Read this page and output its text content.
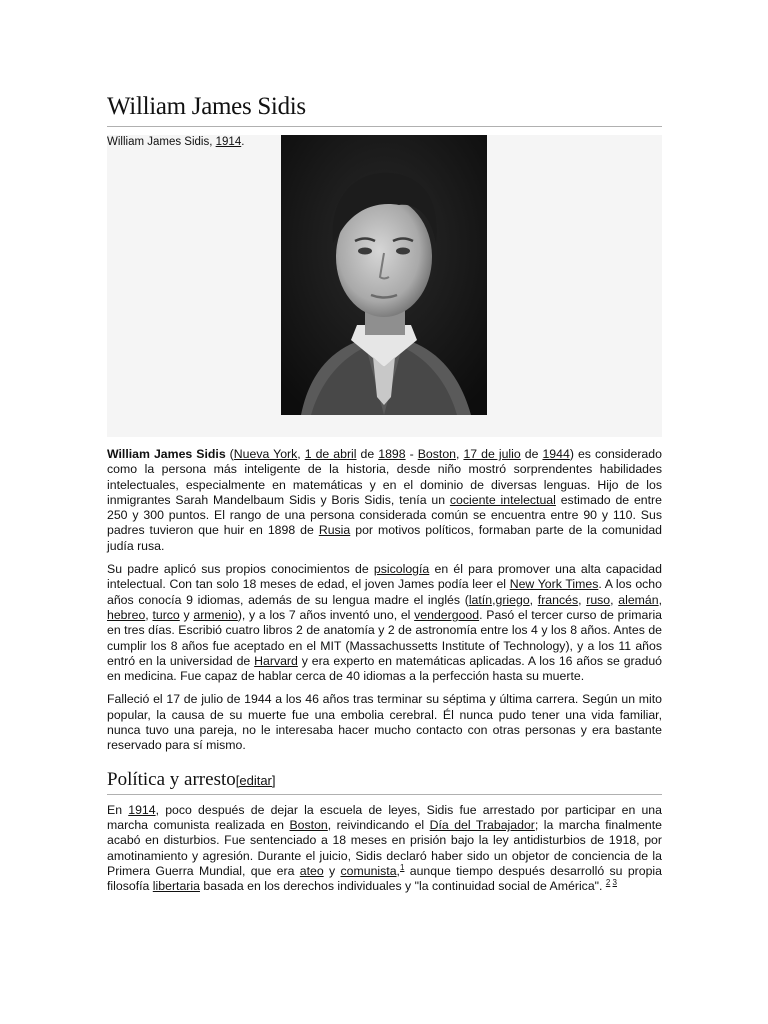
William James Sidis
William James Sidis, 1914.

William James Sidis (Nueva York, 1 de abril de 1898 - Boston, 17 de julio de 1944) es considerado como la persona más inteligente de la historia, desde niño mostró sorprendentes habilidades intelectuales, especialmente en matemáticas y en el dominio de diversas lenguas. Hijo de los inmigrantes Sarah Mandelbaum Sidis y Boris Sidis, tenía un cociente intelectual estimado de entre 250 y 300 puntos. El rango de una persona considerada común se encuentra entre 90 y 110. Sus padres tuvieron que huir en 1898 de Rusia por motivos políticos, formaban parte de la comunidad judía rusa.

Su padre aplicó sus propios conocimientos de psicología en él para promover una alta capacidad intelectual. Con tan solo 18 meses de edad, el joven James podía leer el New York Times. A los ocho años conocía 9 idiomas, además de su lengua madre el inglés (latín,griego, francés, ruso, alemán, hebreo, turco y armenio), y a los 7 años inventó uno, el vendergood. Pasó el tercer curso de primaria en tres días. Escribió cuatro libros 2 de anatomía y 2 de astronomía entre los 4 y los 8 años. Antes de cumplir los 8 años fue aceptado en el MIT (Massachussetts Institute of Technology), y a los 11 años entró en la universidad de Harvard y era experto en matemáticas aplicadas. A los 16 años se graduó en medicina. Fue capaz de hablar cerca de 40 idiomas a la perfección hasta su muerte.

Falleció el 17 de julio de 1944 a los 46 años tras terminar su séptima y última carrera. Según un mito popular, la causa de su muerte fue una embolia cerebral. Él nunca pudo tener una vida familiar, nunca tuvo una pareja, no le interesaba hacer mucho contacto con otras personas y era bastante reservado para sí mismo.

Política y arresto[editar]

En 1914, poco después de dejar la escuela de leyes, Sidis fue arrestado por participar en una marcha comunista realizada en Boston, reivindicando el Día del Trabajador; la marcha finalmente acabó en disturbios. Fue sentenciado a 18 meses en prisión bajo la ley antidisturbios de 1918, por amotinamiento y agresión. Durante el juicio, Sidis declaró haber sido un objetor de conciencia de la Primera Guerra Mundial, que era ateo y comunista,$^1$ aunque tiempo después desarrolló su propia filosofía libertaria basada en los derechos individuales y "la continuidad social de América". $^{2 3}$
